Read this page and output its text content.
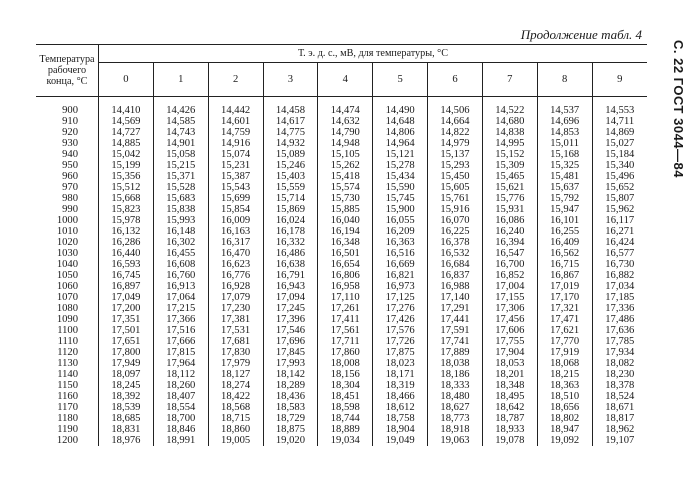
Продолжение табл. 4
С. 22 ГОСТ 3044—84
Температура рабочего конца, °С	Т. э. д. с., мВ, для температуры, °С									
	0	1	2	3	4	5	6	7	8	9
900	14,410	14,426	14,442	14,458	14,474	14,490	14,506	14,522	14,537	14,553
910	14,569	14,585	14,601	14,617	14,632	14,648	14,664	14,680	14,696	14,711
920	14,727	14,743	14,759	14,775	14,790	14,806	14,822	14,838	14,853	14,869
930	14,885	14,901	14,916	14,932	14,948	14,964	14,979	14,995	15,011	15,027
940	15,042	15,058	15,074	15,089	15,105	15,121	15,137	15,152	15,168	15,184
950	15,199	15,215	15,231	15,246	15,262	15,278	15,293	15,309	15,325	15,340
960	15,356	15,371	15,387	15,403	15,418	15,434	15,450	15,465	15,481	15,496
970	15,512	15,528	15,543	15,559	15,574	15,590	15,605	15,621	15,637	15,652
980	15,668	15,683	15,699	15,714	15,730	15,745	15,761	15,776	15,792	15,807
990	15,823	15,838	15,854	15,869	15,885	15,900	15,916	15,931	15,947	15,962
1000	15,978	15,993	16,009	16,024	16,040	16,055	16,070	16,086	16,101	16,117
1010	16,132	16,148	16,163	16,178	16,194	16,209	16,225	16,240	16,255	16,271
1020	16,286	16,302	16,317	16,332	16,348	16,363	16,378	16,394	16,409	16,424
1030	16,440	16,455	16,470	16,486	16,501	16,516	16,532	16,547	16,562	16,577
1040	16,593	16,608	16,623	16,638	16,654	16,669	16,684	16,700	16,715	16,730
1050	16,745	16,760	16,776	16,791	16,806	16,821	16,837	16,852	16,867	16,882
1060	16,897	16,913	16,928	16,943	16,958	16,973	16,988	17,004	17,019	17,034
1070	17,049	17,064	17,079	17,094	17,110	17,125	17,140	17,155	17,170	17,185
1080	17,200	17,215	17,230	17,245	17,261	17,276	17,291	17,306	17,321	17,336
1090	17,351	17,366	17,381	17,396	17,411	17,426	17,441	17,456	17,471	17,486
1100	17,501	17,516	17,531	17,546	17,561	17,576	17,591	17,606	17,621	17,636
1110	17,651	17,666	17,681	17,696	17,711	17,726	17,741	17,755	17,770	17,785
1120	17,800	17,815	17,830	17,845	17,860	17,875	17,889	17,904	17,919	17,934
1130	17,949	17,964	17,979	17,993	18,008	18,023	18,038	18,053	18,068	18,082
1140	18,097	18,112	18,127	18,142	18,156	18,171	18,186	18,201	18,215	18,230
1150	18,245	18,260	18,274	18,289	18,304	18,319	18,333	18,348	18,363	18,378
1160	18,392	18,407	18,422	18,436	18,451	18,466	18,480	18,495	18,510	18,524
1170	18,539	18,554	18,568	18,583	18,598	18,612	18,627	18,642	18,656	18,671
1180	18,685	18,700	18,715	18,729	18,744	18,758	18,773	18,787	18,802	18,817
1190	18,831	18,846	18,860	18,875	18,889	18,904	18,918	18,933	18,947	18,962
1200	18,976	18,991	19,005	19,020	19,034	19,049	19,063	19,078	19,092	19,107
